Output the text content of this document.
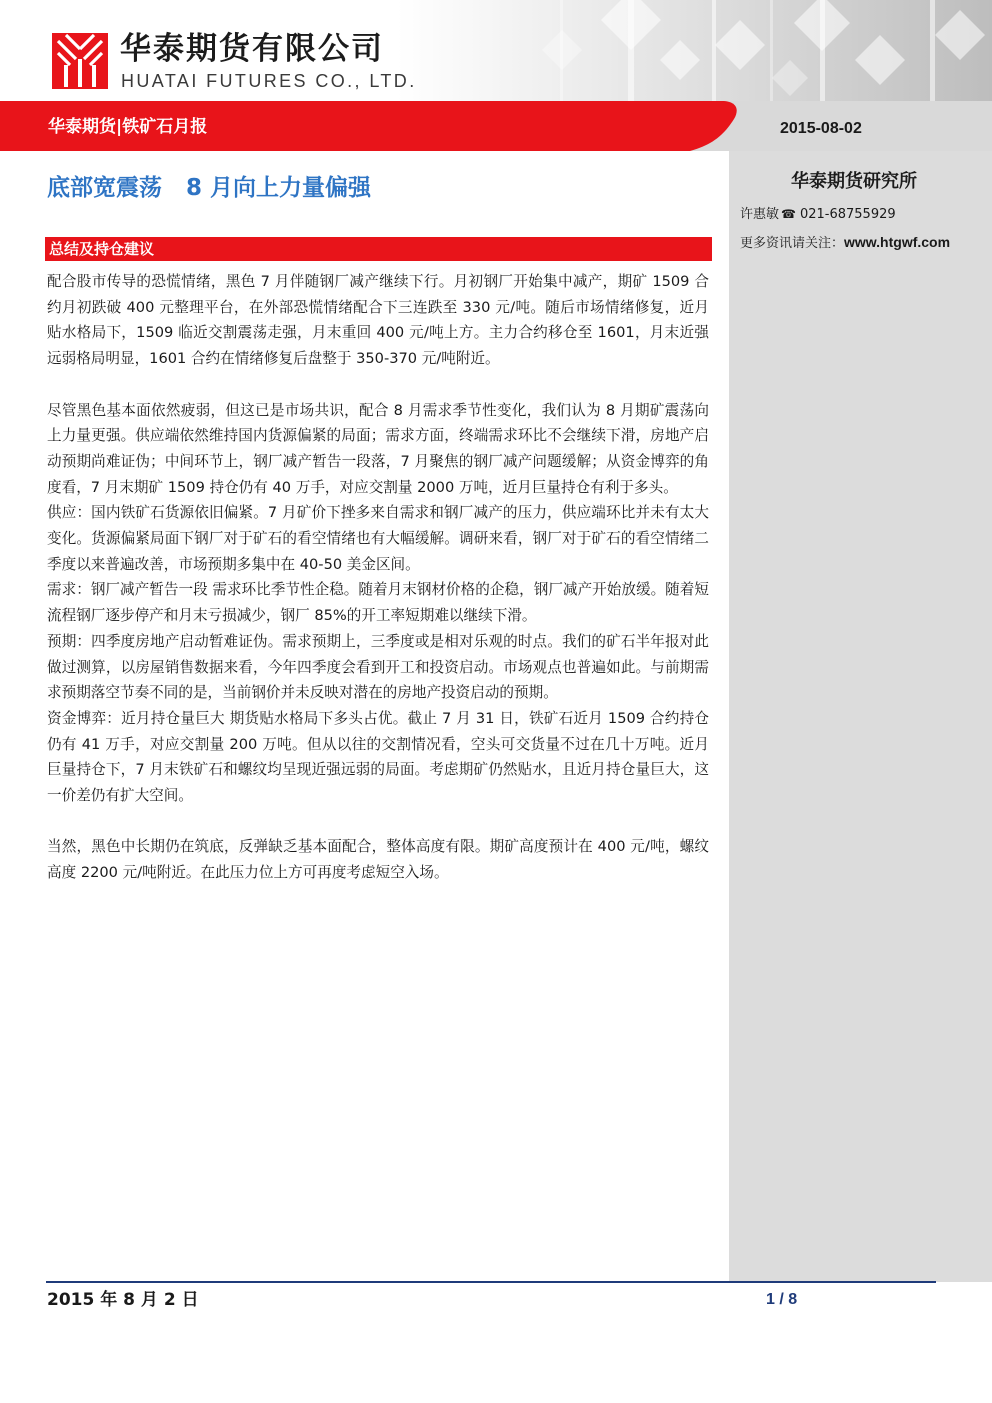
华泰期货有限公司
HUATAI FUTURES CO., LTD.
华泰期货|铁矿石月报	2015-08-02
华泰期货研究所
许惠敏 ☎ 021-68755929
更多资讯请关注：www.htgwf.com
底部宽震荡   8 月向上力量偏强
总结及持仓建议

配合股市传导的恐慌情绪，黑色 7 月伴随钢厂减产继续下行。月初钢厂开始集中减产，期矿 1509 合约月初跌破 400 元整理平台，在外部恐慌情绪配合下三连跌至 330 元/吨。随后市场情绪修复，近月贴水格局下，1509 临近交割震荡走强，月末重回 400 元/吨上方。主力合约移仓至 1601，月末近强远弱格局明显，1601 合约在情绪修复后盘整于 350-370 元/吨附近。

尽管黑色基本面依然疲弱，但这已是市场共识，配合 8 月需求季节性变化，我们认为 8 月期矿震荡向上力量更强。供应端依然维持国内货源偏紧的局面；需求方面，终端需求环比不会继续下滑，房地产启动预期尚难证伪；中间环节上，钢厂减产暂告一段落，7 月聚焦的钢厂减产问题缓解；从资金博弈的角度看，7 月末期矿 1509 持仓仍有 40 万手，对应交割量 2000 万吨，近月巨量持仓有利于多头。

供应：国内铁矿石货源依旧偏紧。7 月矿价下挫多来自需求和钢厂减产的压力，供应端环比并未有太大变化。货源偏紧局面下钢厂对于矿石的看空情绪也有大幅缓解。调研来看，钢厂对于矿石的看空情绪二季度以来普遍改善，市场预期多集中在 40-50 美金区间。

需求：钢厂减产暂告一段 需求环比季节性企稳。随着月末钢材价格的企稳，钢厂减产开始放缓。随着短流程钢厂逐步停产和月末亏损减少，钢厂 85%的开工率短期难以继续下滑。

预期：四季度房地产启动暂难证伪。需求预期上，三季度或是相对乐观的时点。我们的矿石半年报对此做过测算，以房屋销售数据来看，今年四季度会看到开工和投资启动。市场观点也普遍如此。与前期需求预期落空节奏不同的是，当前钢价并未反映对潜在的房地产投资启动的预期。

资金博弈：近月持仓量巨大 期货贴水格局下多头占优。截止 7 月 31 日，铁矿石近月 1509 合约持仓仍有 41 万手，对应交割量 200 万吨。但从以往的交割情况看，空头可交货量不过在几十万吨。近月巨量持仓下，7 月末铁矿石和螺纹均呈现近强远弱的局面。考虑期矿仍然贴水，且近月持仓量巨大，这一价差仍有扩大空间。

当然，黑色中长期仍在筑底，反弹缺乏基本面配合，整体高度有限。期矿高度预计在 400 元/吨，螺纹高度 2200 元/吨附近。在此压力位上方可再度考虑短空入场。

2015 年 8 月 2 日	1 / 8
